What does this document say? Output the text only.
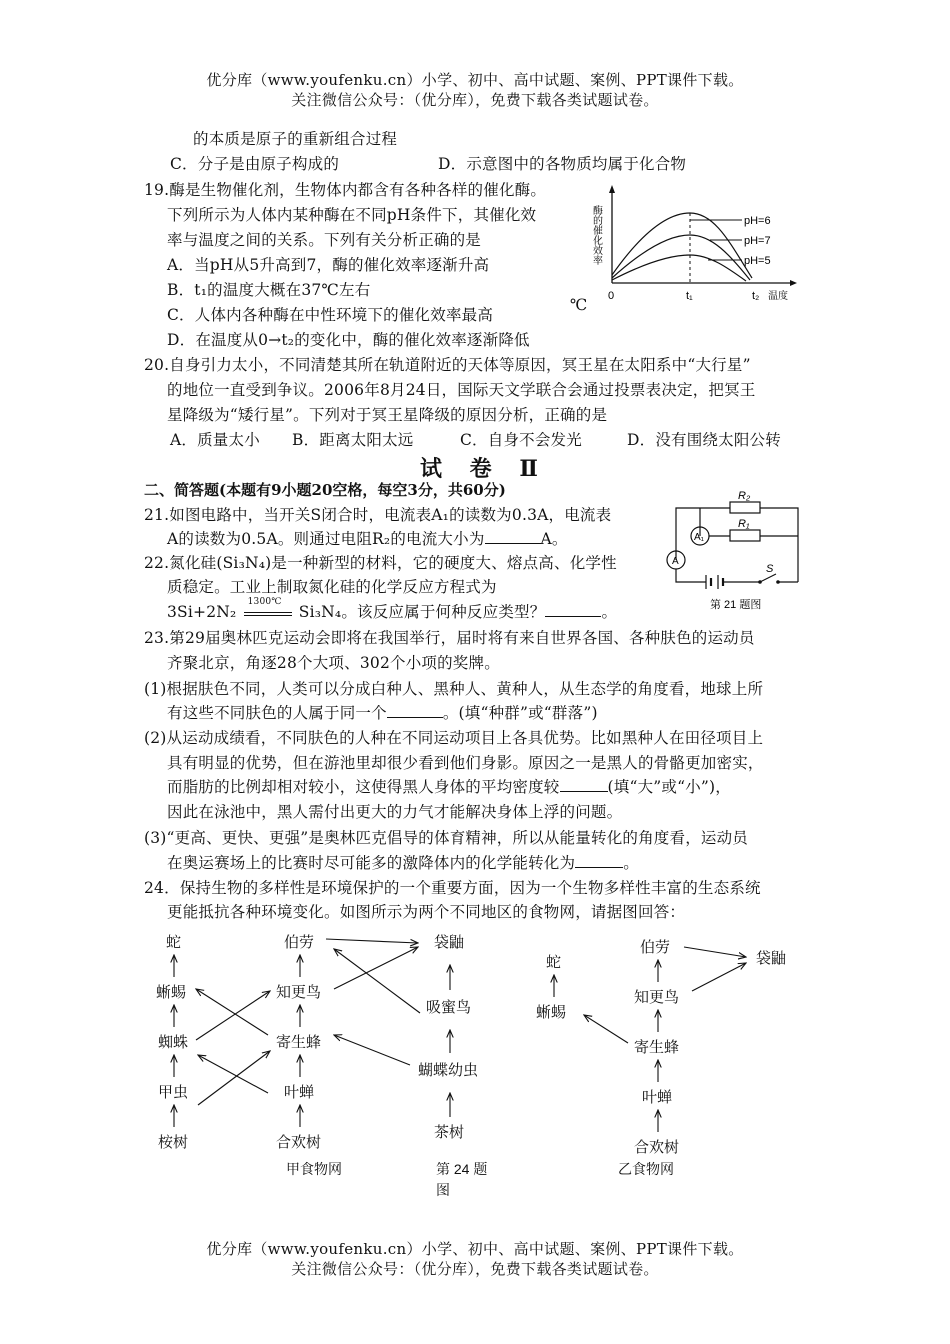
优分库（www.youfenku.cn）小学、初中、高中试题、案例、PPT课件下载。
关注微信公众号：（优分库），免费下载各类试题试卷。
的本质是原子的重新组合过程
C．分子是由原子构成的	D．示意图中的各物质均属于化合物
19.酶是生物催化剂，生物体内都含有各种各样的催化酶。
下列所示为人体内某种酶在不同pH条件下，其催化效
率与温度之间的关系。下列有关分析正确的是
A．当pH从5升高到7，酶的催化效率逐渐升高
B．t₁的温度大概在37℃左右
℃
C．人体内各种酶在中性环境下的催化效率最高
D．在温度从0→t₂的变化中，酶的催化效率逐渐降低
pH=6
pH=7
pH=5
0	t₁	t₂ 温度
酶的催化效率
20.自身引力太小，不同清楚其所在轨道附近的天体等原因，冥王星在太阳系中“大行星”
的地位一直受到争议。2006年8月24日，国际天文学联合会通过投票表决定，把冥王
星降级为“矮行星”。下列对于冥王星降级的原因分析，正确的是
A．质量太小 B．距离太阳太远	C．自身不会发光	D．没有围绕太阳公转
试 卷 Ⅱ
二、简答题(本题有9小题20空格，每空3分，共60分)
21.如图电路中，当开关S闭合时，电流表A₁的读数为0.3A，电流表
A的读数为0.5A。则通过电阻R₂的电流大小为	A。
R₂
R₁
A₁
A
S
第 21 题图
22.氮化硅(Si₃N₄)是一种新型的材料，它的硬度大、熔点高、化学性
质稳定。工业上制取氮化硅的化学反应方程式为
3Si+2N₂
1300℃
Si₃N₄。该反应属于何种反应类型？	。
23.第29届奥林匹克运动会即将在我国举行，届时将有来自世界各国、各种肤色的运动员
齐聚北京，角逐28个大项、302个小项的奖牌。
(1)根据肤色不同，人类可以分成白种人、黑种人、黄种人，从生态学的角度看，地球上所
有这些不同肤色的人属于同一个	。(填“种群”或“群落”)
(2)从运动成绩看，不同肤色的人种在不同运动项目上各具优势。比如黑种人在田径项目上
具有明显的优势，但在游池里却很少看到他们身影。原因之一是黑人的骨骼更加密实，
而脂肪的比例却相对较小，这使得黑人身体的平均密度较	(填“大”或“小”)，
因此在泳池中，黑人需付出更大的力气才能解决身体上浮的问题。
(3)“更高、更快、更强”是奥林匹克倡导的体育精神，所以从能量转化的角度看，运动员
在奥运赛场上的比赛时尽可能多的激降体内的化学能转化为	。
24．保持生物的多样性是环境保护的一个重要方面，因为一个生物多样性丰富的生态系统
更能抵抗各种环境变化。如图所示为两个不同地区的食物网，请据图回答：
蛇
蜥蜴
蜘蛛
甲虫
桉树
伯劳
知更鸟
寄生蜂
叶蝉
合欢树
袋鼬
吸蜜鸟
蝴蝶幼虫
茶树
蛇
蜥蜴
伯劳
袋鼬
知更鸟
寄生蜂
叶蝉
合欢树
甲食物网	第 24 题
图
乙食物网
优分库（www.youfenku.cn）小学、初中、高中试题、案例、PPT课件下载。
关注微信公众号：（优分库），免费下载各类试题试卷。
